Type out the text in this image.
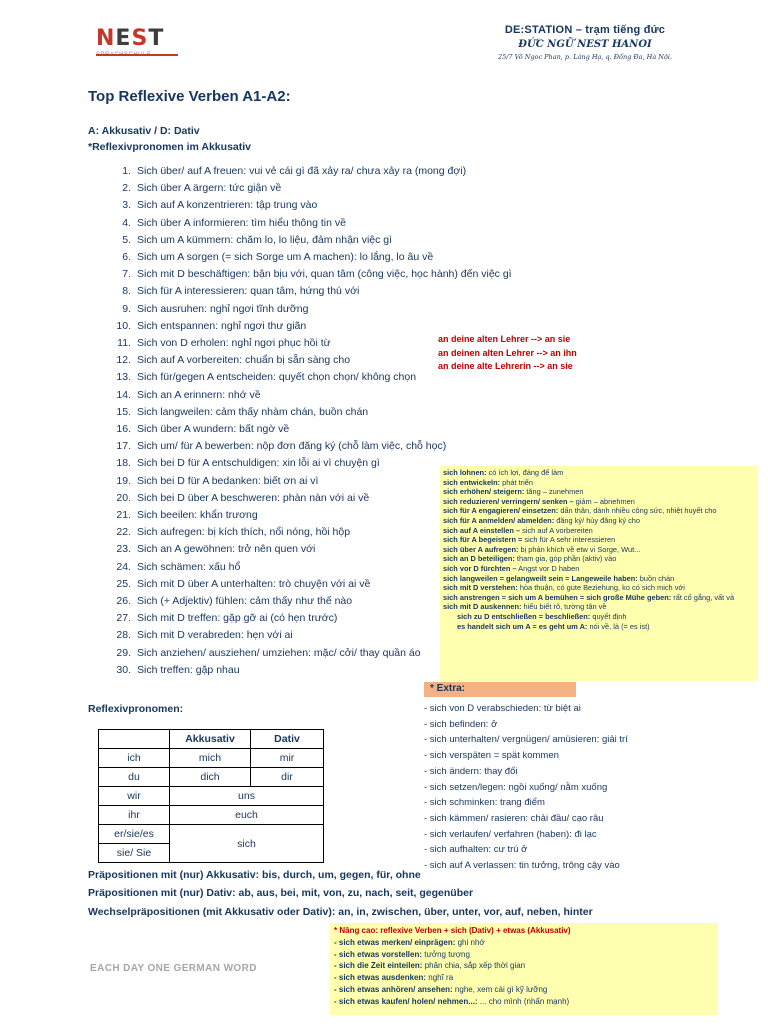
NEST	DE:STATION – trạm tiếng đức
ĐỨC NGỮ NEST HANOI
25/7 Võ Ngọc Phan, p. Láng Hạ, q. Đống Đa, Hà Nội.
Top Reflexive Verben A1-A2:
A: Akkusativ / D: Dativ
*Reflexivpronomen im Akkusativ
1. Sich über/ auf A freuen: vui vẻ cái gì đã xảy ra/ chưa xảy ra (mong đợi)
2. Sich über A ärgern: tức giận về
3. Sich auf A konzentrieren: tập trung vào
4. Sich über A informieren: tìm hiểu thông tin về
5. Sich um A kümmern: chăm lo, lo liệu, đảm nhận việc gì
6. Sich um A sorgen (= sich Sorge um A machen): lo lắng, lo âu về
7. Sich mit D beschäftigen: bận bịu với, quan tâm (công việc, học hành) đến việc gì
8. Sich für A interessieren: quan tâm, hứng thú với
9. Sich ausruhen: nghỉ ngơi tĩnh dưỡng
10. Sich entspannen: nghỉ ngơi thư giãn
11. Sich von D erholen: nghỉ ngơi phục hồi từ
12. Sich auf A vorbereiten: chuẩn bị sẵn sàng cho
13. Sich für/gegen A entscheiden: quyết chọn chọn/ không chọn
14. Sich an A erinnern: nhớ về
15. Sich langweilen: cảm thấy nhàm chán, buồn chán
16. Sich über A wundern: bất ngờ về
17. Sich um/ für A bewerben: nộp đơn đăng ký (chỗ làm việc, chỗ học)
18. Sich bei D für A entschuldigen: xin lỗi ai vì chuyện gì
19. Sich bei D für A bedanken: biết ơn ai vì
20. Sich bei D über A beschweren: phàn nàn với ai về
21. Sich beeilen: khẩn trương
22. Sich aufregen: bị kích thích, nổi nóng, hồi hộp
23. Sich an A gewöhnen: trở nên quen với
24. Sich schämen: xấu hổ
25. Sich mit D über A unterhalten: trò chuyện với ai về
26. Sich (+ Adjektiv) fühlen: cảm thấy như thế nào
27. Sich mit D treffen: gặp gỡ ai (có hẹn trước)
28. Sich mit D verabreden: hẹn với ai
29. Sich anziehen/ ausziehen/ umziehen: mặc/ cởi/ thay quần áo
30. Sich treffen: gặp nhau
an deine alten Lehrer --> an sie
an deinen alten Lehrer --> an ihn
an deine alte Lehrerin --> an sie
sich lohnen: có ích lợi, đáng để làm
sich entwickeln: phát triển
sich erhöhen/ steigern: tăng – zunehmen
sich reduzieren/ verringern/ senken – giảm – abnehmen
sich für A engagieren/ einsetzen: dấn thân, dành nhiều công sức, nhiệt huyết cho
sich für A anmelden/ abmelden: đăng ký/ hủy đăng ký cho
sich auf A einstellen – sich auf A vorbereiten
sich für A begeistern = sich für A sehr interessieren
sich über A aufregen: bị phản khích về etw vi Sorge, Wut...
sich an D beteiligen: tham gia, góp phần (aktiv) vào
sich vor D fürchten – Angst vor D haben
sich langweilen = gelangweilt sein = Langeweile haben: buồn chán
sich mit D verstehen: hòa thuận, có gute Beziehung, ko có sich mich với
sich anstrengen = sich um A bemühen = sich große Mühe geben: rất cố gắng, vất vả
sich mit D auskennen: hiểu biết rõ, tường tận về
sich zu D entschließen = beschließen: quyết định
es handelt sich um A = es geht um A: nói về, là (= es ist)
* Extra:
- sich von D verabschieden: từ biệt ai
- sich befinden: ở
- sich unterhalten/ vergnügen/ amüsieren: giải trí
- sich verspäten = spät kommen
- sich ändern: thay đổi
- sich setzen/legen: ngồi xuống/ nằm xuống
- sich schminken: trang điểm
- sich kämmen/ rasieren: chải đầu/ cạo râu
- sich verlaufen/ verfahren (haben): đi lạc
- sich aufhalten: cư trú ở
- sich auf A verlassen: tin tưởng, trông cậy vào
Reflexivpronomen:
	Akkusativ	Dativ
ich	mich	mir
du	dich	dir
wir	uns	
ihr	euch	
er/sie/es	sich	
sie/ Sie		
Präpositionen mit (nur) Akkusativ: bis, durch, um, gegen, für, ohne
Präpositionen mit (nur) Dativ: ab, aus, bei, mit, von, zu, nach, seit, gegenüber
Wechselpräpositionen (mit Akkusativ oder Dativ): an, in, zwischen, über, unter, vor, auf, neben, hinter
* Nâng cao: reflexive Verben + sich (Dativ) + etwas (Akkusativ)
- sich etwas merken/ einprägen: ghi nhớ
- sich etwas vorstellen: tưởng tượng
- sich die Zeit einteilen: phân chia, sắp xếp thời gian
- sich etwas ausdenken: nghĩ ra
- sich etwas anhören/ ansehen: nghe, xem cái gì kỹ lưỡng
- sich etwas kaufen/ holen/ nehmen...: ... cho mình (nhấn mạnh)
EACH DAY ONE GERMAN WORD
